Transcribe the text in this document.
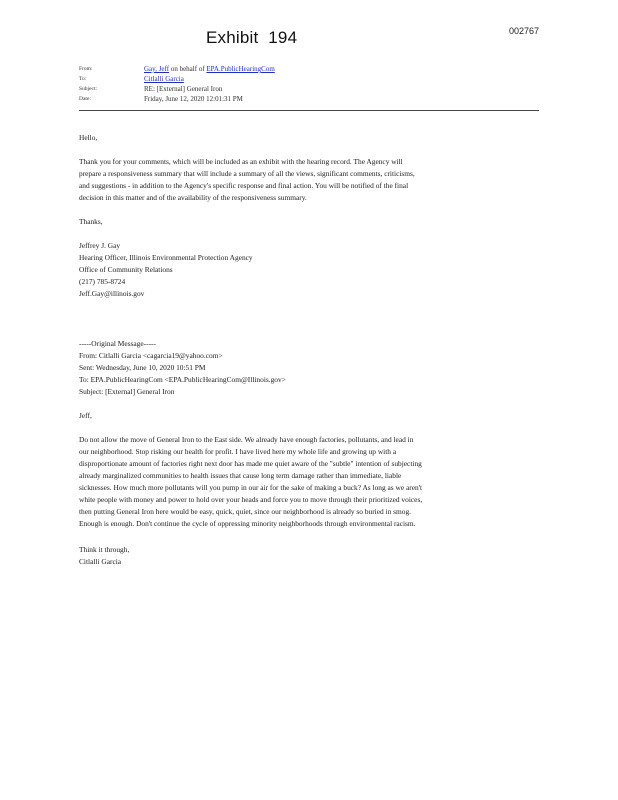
002767
Exhibit  194
From:	Gay, Jeff on behalf of EPA.PublicHearingCom
To:	Citlalli Garcia
Subject:	RE: [External] General Iron
Date:	Friday, June 12, 2020 12:01:31 PM
Hello,
Thank you for your comments, which will be included as an exhibit with the hearing record. The Agency will
prepare a responsiveness summary that will include a summary of all the views, significant comments, criticisms,
and suggestions - in addition to the Agency's specific response and final action. You will be notified of the final
decision in this matter and of the availability of the responsiveness summary.
Thanks,
Jeffrey J. Gay
Hearing Officer, Illinois Environmental Protection Agency
Office of Community Relations
(217) 785-8724
Jeff.Gay@illinois.gov
-----Original Message-----
From: Citlalli Garcia <cagarcia19@yahoo.com>
Sent: Wednesday, June 10, 2020 10:51 PM
To: EPA.PublicHearingCom <EPA.PublicHearingCom@Illinois.gov>
Subject: [External] General Iron
Jeff,
Do not allow the move of General Iron to the East side. We already have enough factories, pollutants, and lead in
our neighborhood. Stop risking our health for profit. I have lived here my whole life and growing up with a
disproportionate amount of factories right next door has made me quiet aware of the "subtle" intention of subjecting
already marginalized communities to health issues that cause long term damage rather than immediate, liable
sicknesses. How much more pollutants will you pump in our air for the sake of making a buck? As long as we aren't
white people with money and power to hold over your heads and force you to move through their prioritized voices,
then putting General Iron here would be easy, quick, quiet, since our neighborhood is already so buried in smog.
Enough is enough. Don't continue the cycle of oppressing minority neighborhoods through environmental racism.
Think it through,
Citlalli Garcia
